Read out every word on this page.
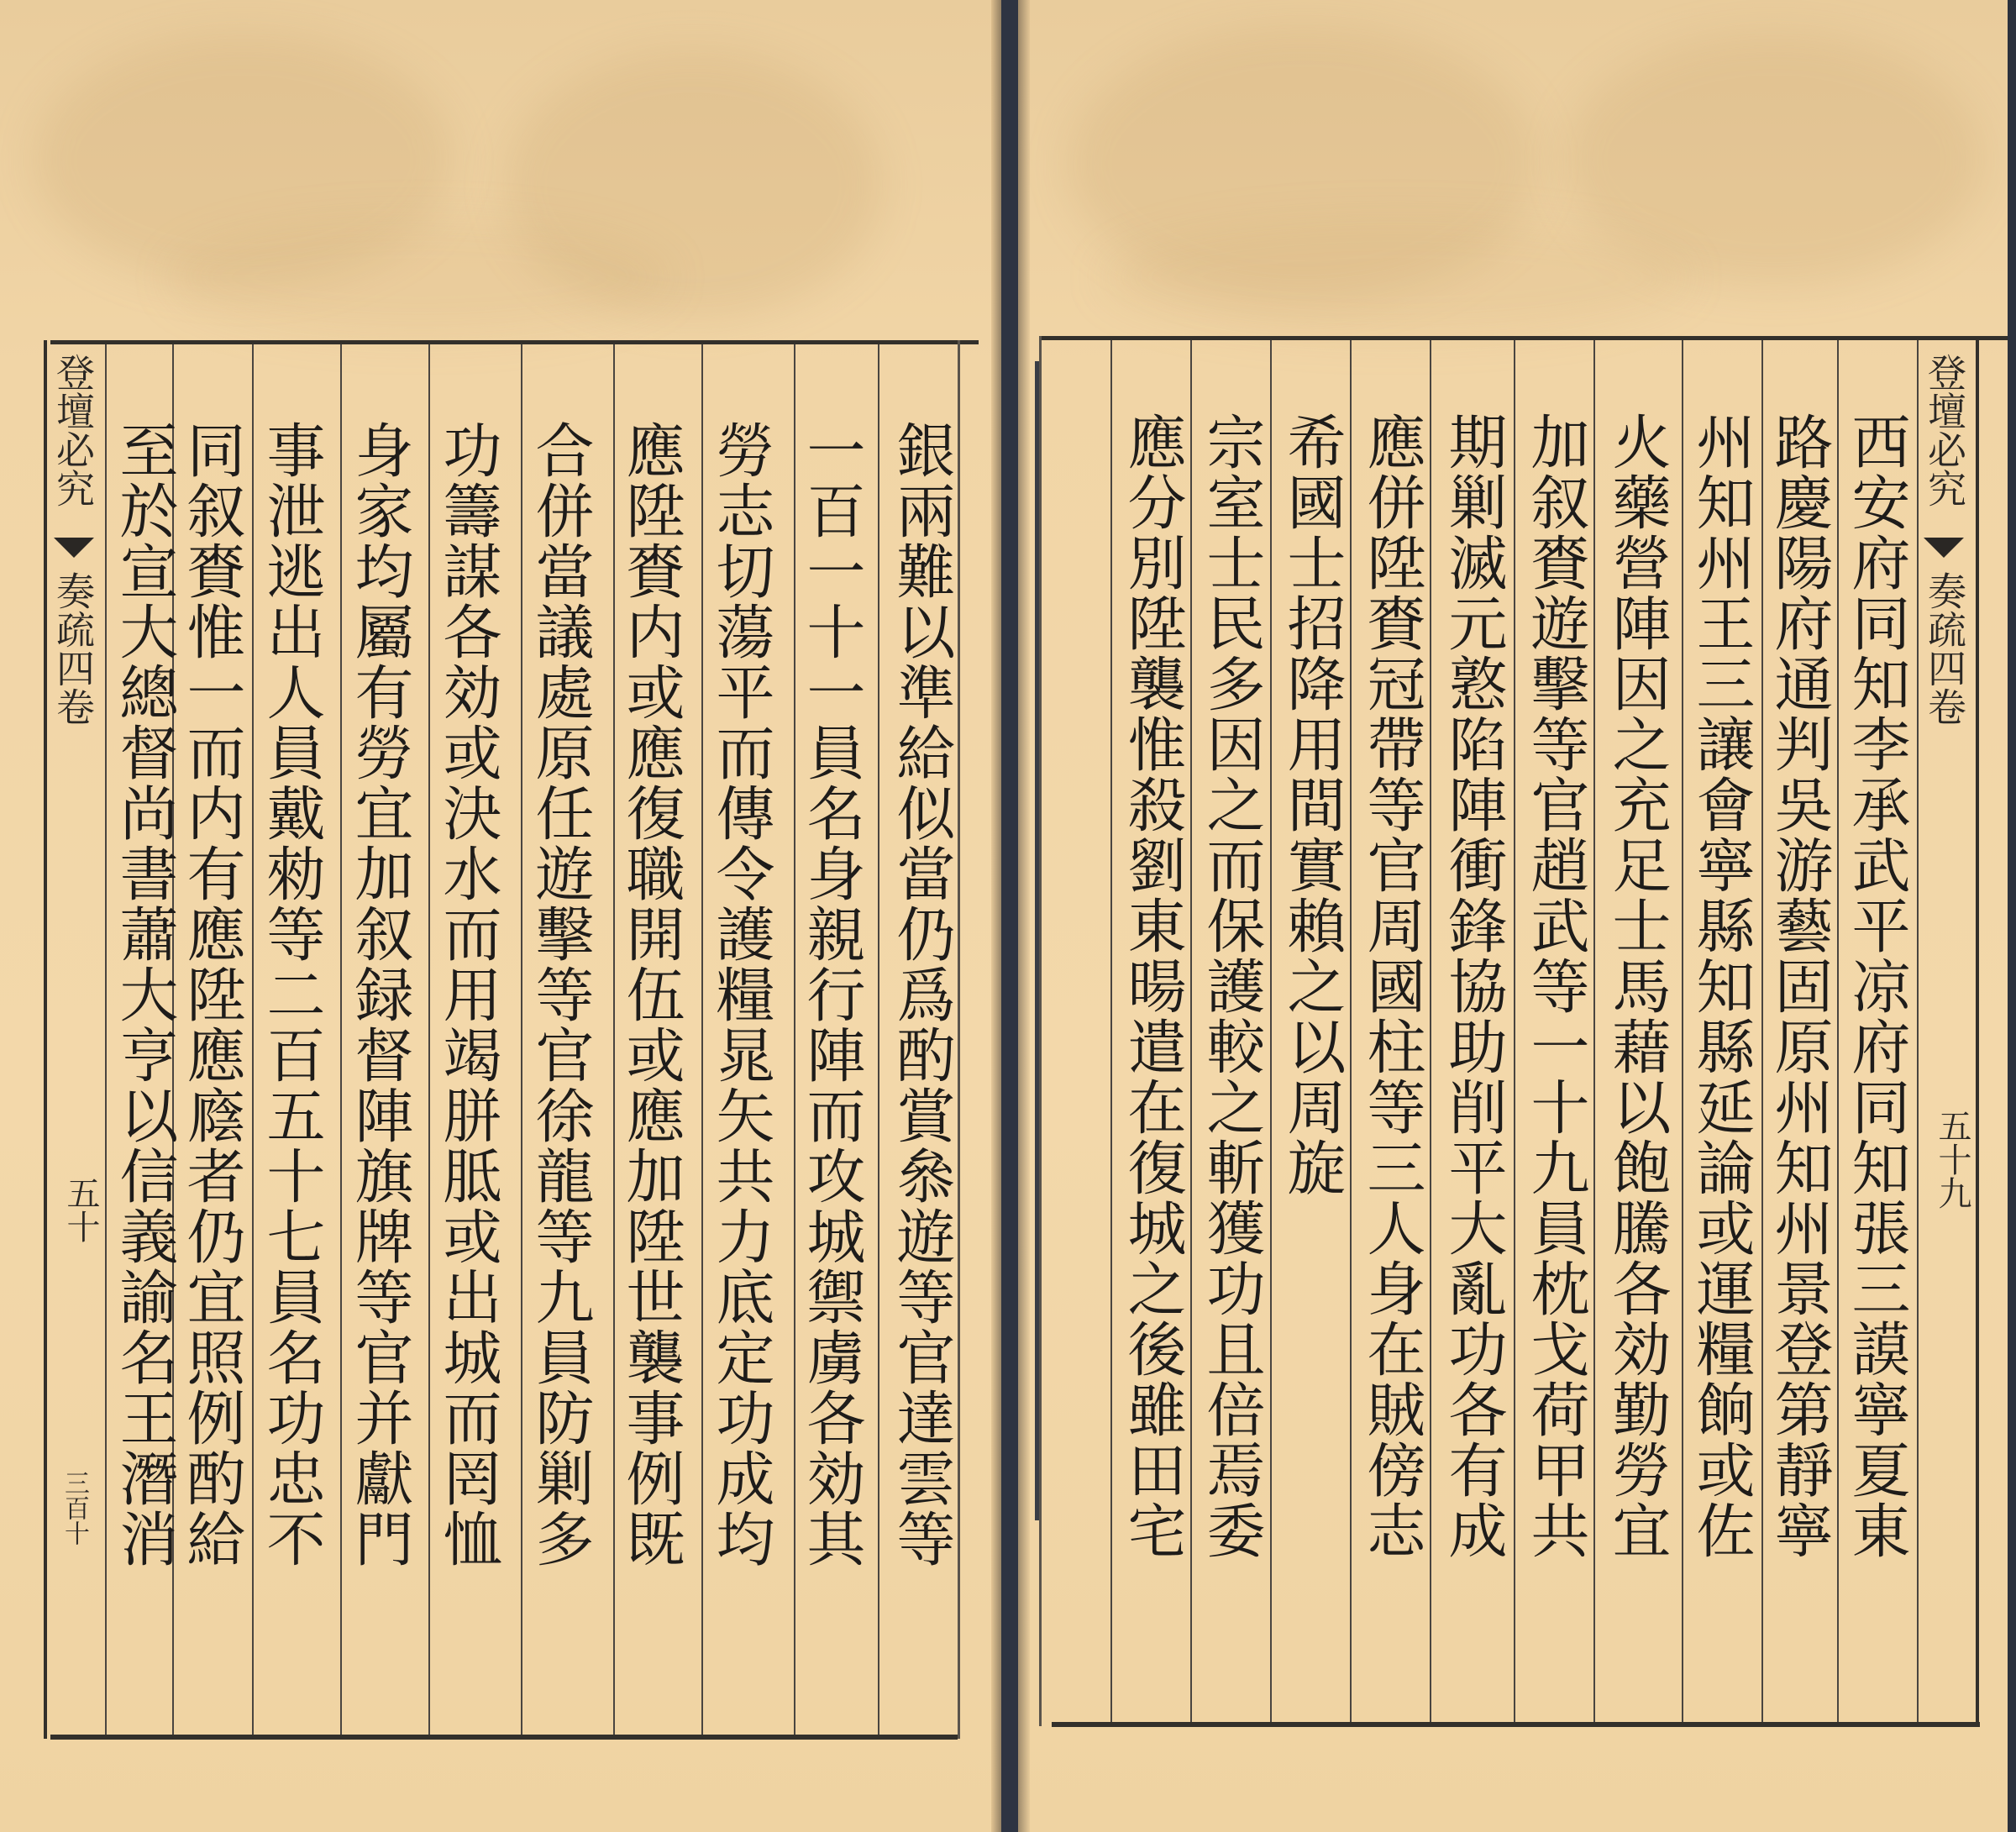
登壇必究
奏疏四卷
五十
三百十	銀兩難以準給似當仍爲酌賞叅遊等官達雲等
一百一十一員名身親行陣而攻城禦虜各効其
勞志切蕩平而傳令護糧晁矢共力底定功成均
應陞賚内或應復職開伍或應加陞世襲事例既
合併當議處原任遊擊等官徐龍等九員防剿多
功籌謀各効或決水而用竭胼胝或出城而罔恤
身家均屬有勞宜加叙録督陣旗牌等官并獻門
事泄逃出人員戴勑等二百五十七員名功忠不
同叙賚惟一而内有應陞應廕者仍宜照例酌給
至於宣大總督尚書蕭大亨以信義諭名王潛消	登壇必究
奏疏四卷
五十九
西安府同知李承武平凉府同知張三謨寧夏東
路慶陽府通判吳游藝固原州知州景登第靜寧
州知州王三讓會寧縣知縣延論或運糧餉或佐
火藥營陣因之充足士馬藉以飽騰各効勤勞宜
加叙賚遊擊等官趙武等一十九員枕戈荷甲共
期剿滅元憝陷陣衝鋒協助削平大亂功各有成
應併陞賚冠帶等官周國柱等三人身在賊傍志
希國士招降用間實賴之以周旋
宗室士民多因之而保護較之斬獲功且倍焉委
應分別陞襲惟殺劉東暘遣在復城之後雖田宅
